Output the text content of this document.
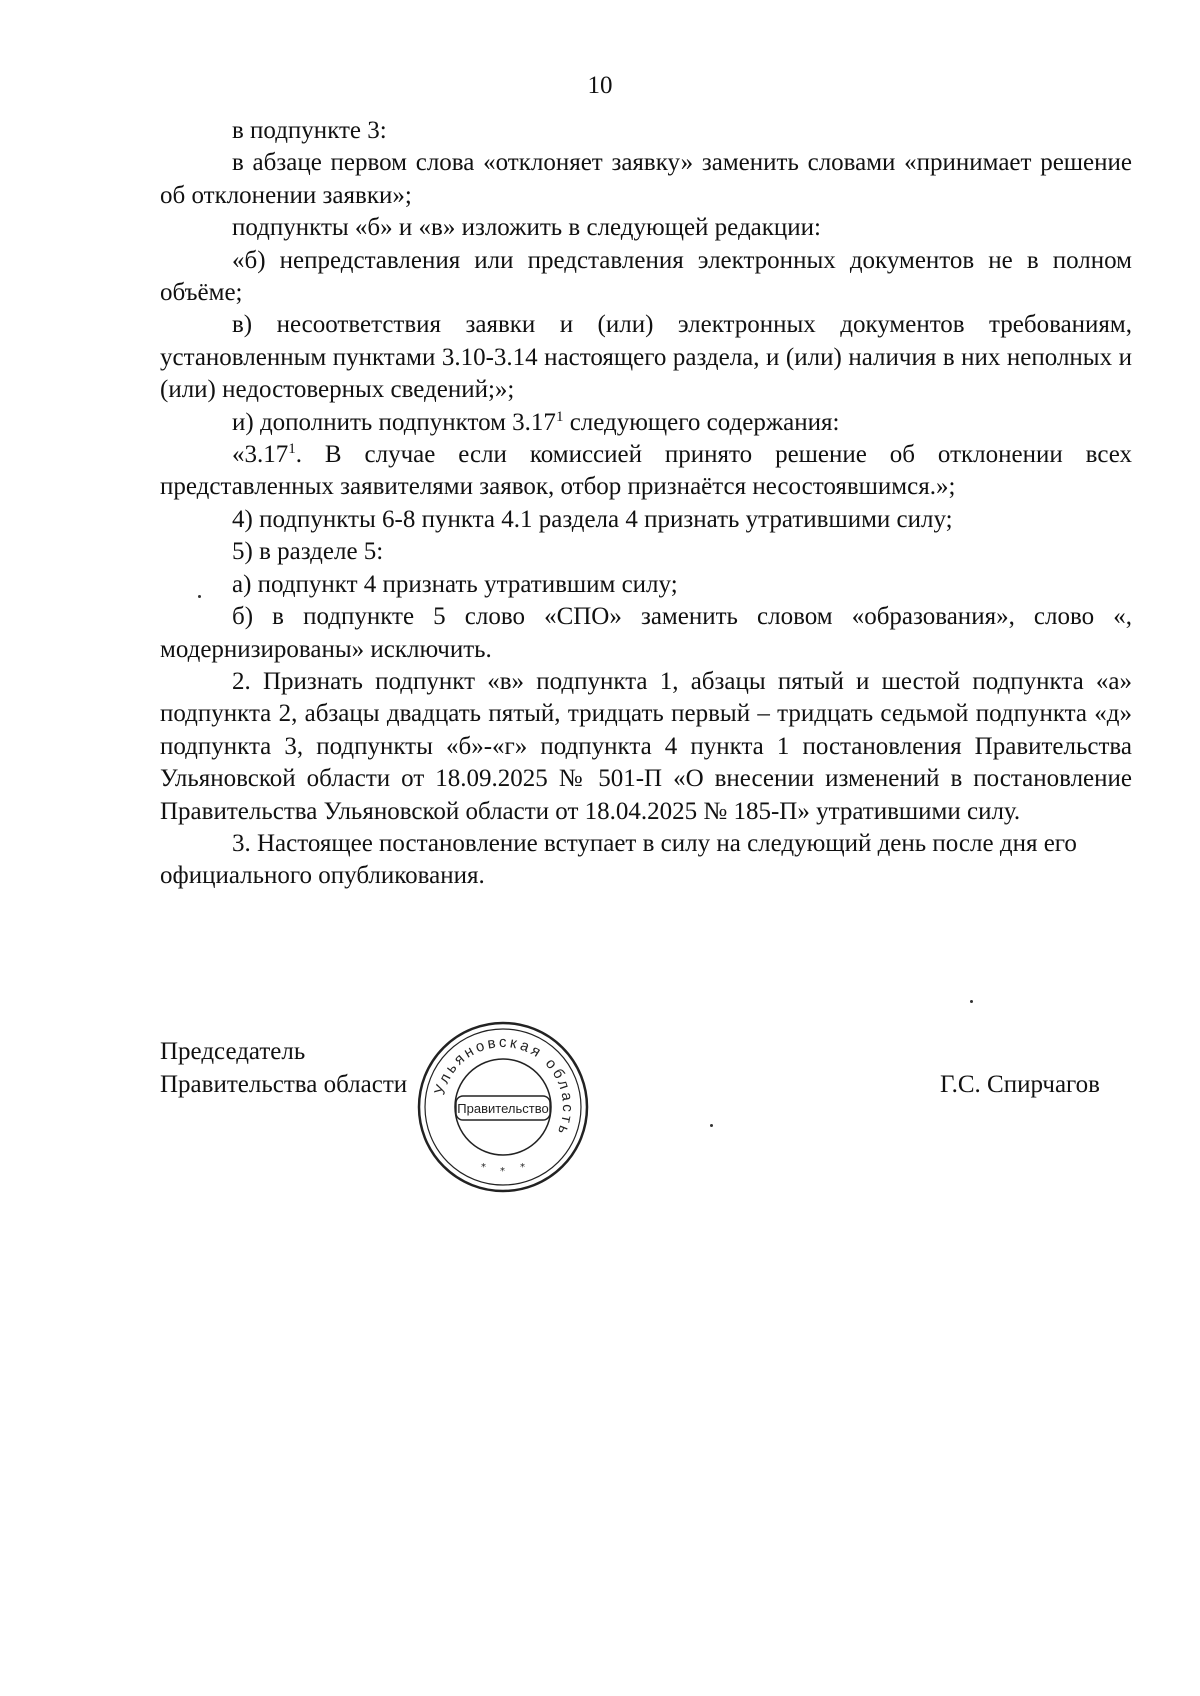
10

в подпункте 3:

в абзаце первом слова «отклоняет заявку» заменить словами «принимает решение об отклонении заявки»;

подпункты «б» и «в» изложить в следующей редакции:

«б) непредставления или представления электронных документов не в полном объёме;

в) несоответствия заявки и (или) электронных документов требованиям, установленным пунктами 3.10-3.14 настоящего раздела, и (или) наличия в них неполных и (или) недостоверных сведений;»;

и) дополнить подпунктом 3.17$^1$ следующего содержания:

«3.17$^1$. В случае если комиссией принято решение об отклонении всех представленных заявителями заявок, отбор признаётся несостоявшимся.»;

4) подпункты 6-8 пункта 4.1 раздела 4 признать утратившими силу;

5) в разделе 5:

а) подпункт 4 признать утратившим силу;

б) в подпункте 5 слово «СПО» заменить словом «образования», слово «, модернизированы» исключить.

2. Признать подпункт «в» подпункта 1, абзацы пятый и шестой подпункта «а» подпункта 2, абзацы двадцать пятый, тридцать первый – тридцать седьмой подпункта «д» подпункта 3, подпункты «б»-«г» подпункта 4 пункта 1 постановления Правительства Ульяновской области от 18.09.2025 № 501-П «О внесении изменений в постановление Правительства Ульяновской области от 18.04.2025 № 185-П» утратившими силу.

3. Настоящее постановление вступает в силу на следующий день после дня его официального опубликования.

Председатель
Правительства области	Г.С. Спирчагов
Ульяновская область
Правительство
* * *
